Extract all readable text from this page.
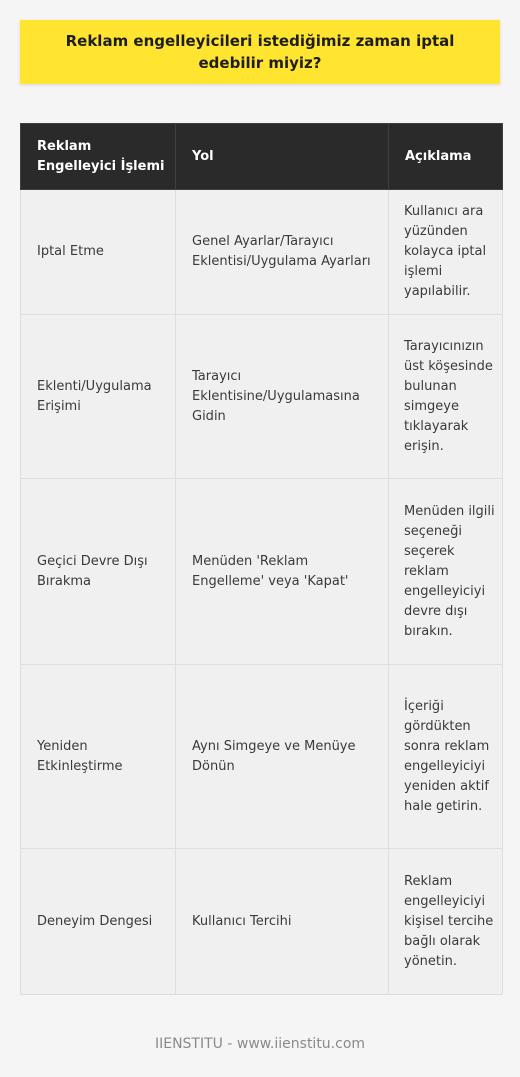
Reklam engelleyicileri istediğimiz zaman iptal edebilir miyiz?
Reklam Engelleyici İşlemi	Yol	Açıklama
Iptal Etme	Genel Ayarlar/Tarayıcı Eklentisi/Uygulama Ayarları	Kullanıcı ara yüzünden kolayca iptal işlemi yapılabilir.
Eklenti/Uygulama Erişimi	Tarayıcı Eklentisine/Uygulamasına Gidin	Tarayıcınızın üst köşesinde bulunan simgeye tıklayarak erişin.
Geçici Devre Dışı Bırakma	Menüden 'Reklam Engelleme' veya 'Kapat'	Menüden ilgili seçeneği seçerek reklam engelleyiciyi devre dışı bırakın.
Yeniden Etkinleştirme	Aynı Simgeye ve Menüye Dönün	İçeriği gördükten sonra reklam engelleyiciyi yeniden aktif hale getirin.
Deneyim Dengesi	Kullanıcı Tercihi	Reklam engelleyiciyi kişisel tercihe bağlı olarak yönetin.
IIENSTITU - www.iienstitu.com
